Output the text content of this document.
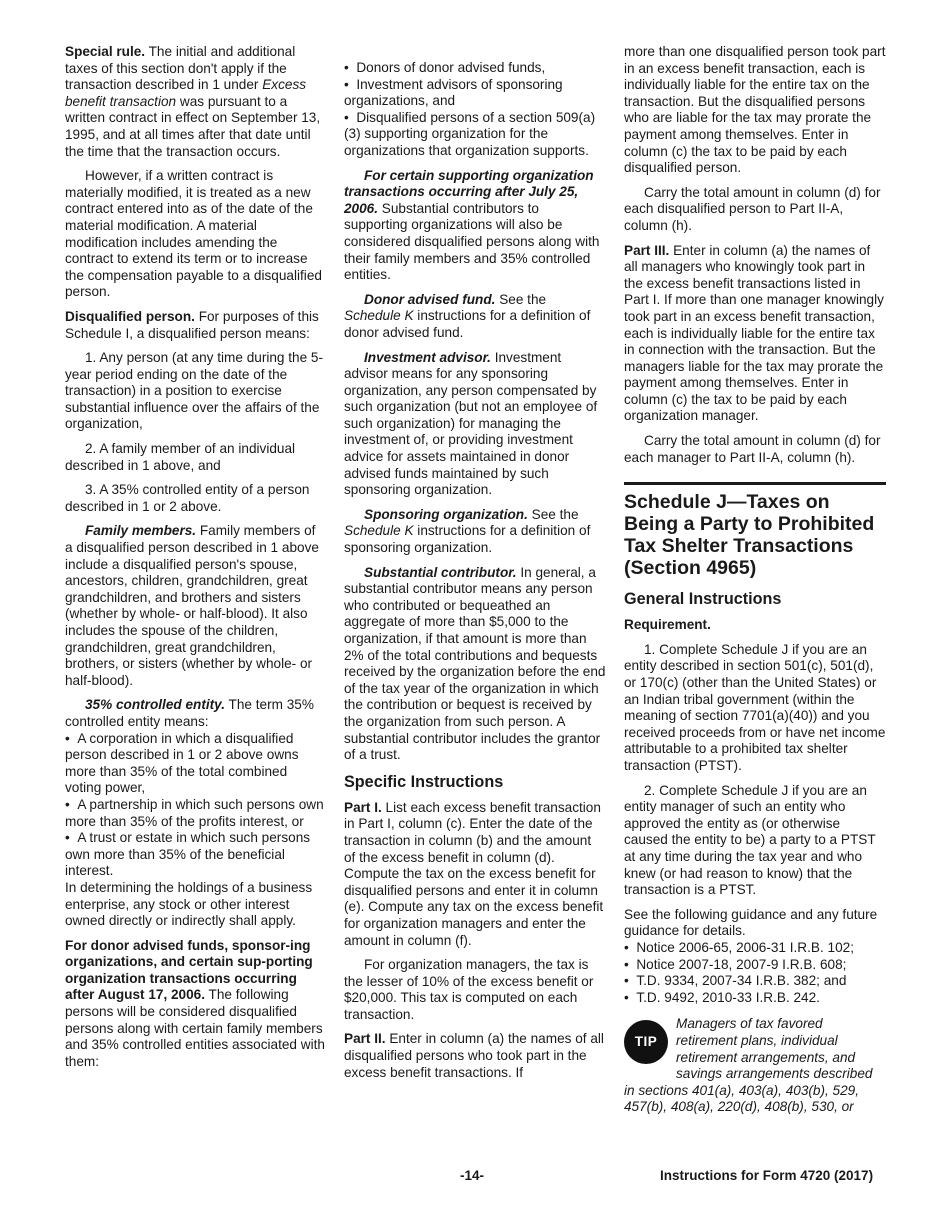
Special rule. The initial and additional taxes of this section don't apply if the transaction described in 1 under Excess benefit transaction was pursuant to a written contract in effect on September 13, 1995, and at all times after that date until the time that the transaction occurs.

However, if a written contract is materially modified, it is treated as a new contract entered into as of the date of the material modification. A material modification includes amending the contract to extend its term or to increase the compensation payable to a disqualified person.

Disqualified person. For purposes of this Schedule I, a disqualified person means:

1. Any person (at any time during the 5-year period ending on the date of the transaction) in a position to exercise substantial influence over the affairs of the organization,

2. A family member of an individual described in 1 above, and

3. A 35% controlled entity of a person described in 1 or 2 above.

Family members. Family members of a disqualified person described in 1 above include a disqualified person's spouse, ancestors, children, grandchildren, great grandchildren, and brothers and sisters (whether by whole- or half-blood). It also includes the spouse of the children, grandchildren, great grandchildren, brothers, or sisters (whether by whole- or half-blood).

35% controlled entity. The term 35% controlled entity means:

•  A corporation in which a disqualified person described in 1 or 2 above owns more than 35% of the total combined voting power,
•  A partnership in which such persons own more than 35% of the profits interest, or
•  A trust or estate in which such persons own more than 35% of the beneficial interest.

In determining the holdings of a business enterprise, any stock or other interest owned directly or indirectly shall apply.

For donor advised funds, sponsor-ing organizations, and certain sup-porting organization transactions occurring after August 17, 2006. The following persons will be considered disqualified persons along with certain family members and 35% controlled entities associated with them:

•  Donors of donor advised funds,
•  Investment advisors of sponsoring organizations, and
•  Disqualified persons of a section 509(a)(3) supporting organization for the organizations that organization supports.

For certain supporting organization transactions occurring after July 25, 2006. Substantial contributors to supporting organizations will also be considered disqualified persons along with their family members and 35% controlled entities.

Donor advised fund. See the Schedule K instructions for a definition of donor advised fund.

Investment advisor. Investment advisor means for any sponsoring organization, any person compensated by such organization (but not an employee of such organization) for managing the investment of, or providing investment advice for assets maintained in donor advised funds maintained by such sponsoring organization.

Sponsoring organization. See the Schedule K instructions for a definition of sponsoring organization.

Substantial contributor. In general, a substantial contributor means any person who contributed or bequeathed an aggregate of more than $5,000 to the organization, if that amount is more than 2% of the total contributions and bequests received by the organization before the end of the tax year of the organization in which the contribution or bequest is received by the organization from such person. A substantial contributor includes the grantor of a trust.

Specific Instructions

Part I. List each excess benefit transaction in Part I, column (c). Enter the date of the transaction in column (b) and the amount of the excess benefit in column (d). Compute the tax on the excess benefit for disqualified persons and enter it in column (e). Compute any tax on the excess benefit for organization managers and enter the amount in column (f).

For organization managers, the tax is the lesser of 10% of the excess benefit or $20,000. This tax is computed on each transaction.

Part II. Enter in column (a) the names of all disqualified persons who took part in the excess benefit transactions. If

more than one disqualified person took part in an excess benefit transaction, each is individually liable for the entire tax on the transaction. But the disqualified persons who are liable for the tax may prorate the payment among themselves. Enter in column (c) the tax to be paid by each disqualified person.

Carry the total amount in column (d) for each disqualified person to Part II-A, column (h).

Part III. Enter in column (a) the names of all managers who knowingly took part in the excess benefit transactions listed in Part I. If more than one manager knowingly took part in an excess benefit transaction, each is individually liable for the entire tax in connection with the transaction. But the managers liable for the tax may prorate the payment among themselves. Enter in column (c) the tax to be paid by each organization manager.

Carry the total amount in column (d) for each manager to Part II-A, column (h).

Schedule J—Taxes on Being a Party to Prohibited Tax Shelter Transactions (Section 4965)
General Instructions

Requirement.

1. Complete Schedule J if you are an entity described in section 501(c), 501(d), or 170(c) (other than the United States) or an Indian tribal government (within the meaning of section 7701(a)(40)) and you received proceeds from or have net income attributable to a prohibited tax shelter transaction (PTST).

2. Complete Schedule J if you are an entity manager of such an entity who approved the entity as (or otherwise caused the entity to be) a party to a PTST at any time during the tax year and who knew (or had reason to know) that the transaction is a PTST.

See the following guidance and any future guidance for details.

•  Notice 2006-65, 2006-31 I.R.B. 102;
•  Notice 2007-18, 2007-9 I.R.B. 608;
•  T.D. 9334, 2007-34 I.R.B. 382; and
•  T.D. 9492, 2010-33 I.R.B. 242.
TIP
Managers of tax favored retirement plans, individual retirement arrangements, and savings arrangements described in sections 401(a), 403(a), 403(b), 529, 457(b), 408(a), 220(d), 408(b), 530, or
-14-	Instructions for Form 4720 (2017)
